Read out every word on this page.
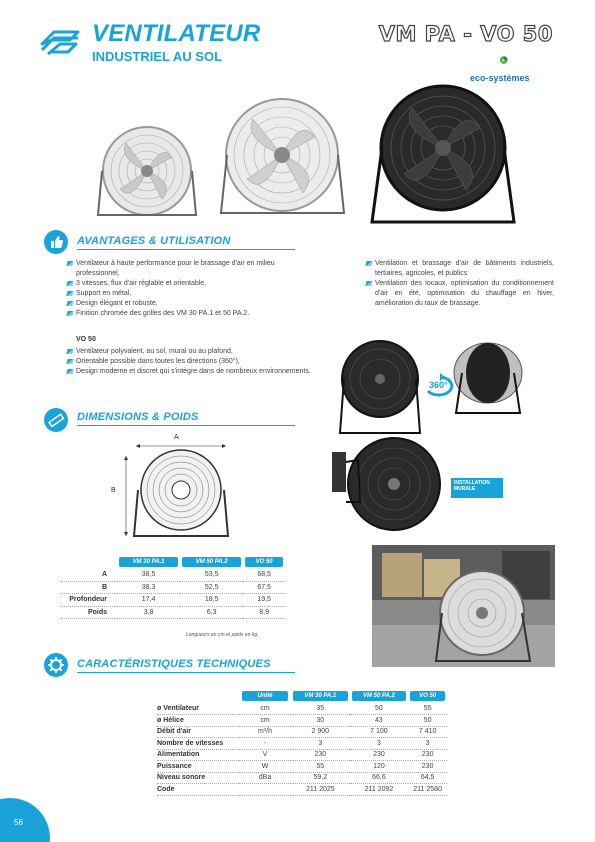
VENTILATEUR
INDUSTRIEL AU SOL
VM PA - VO 50
e
eco-systèmes
AVANTAGES & UTILISATION
Ventilateur à haute performance pour le brassage d'air en milieu professionnel,
3 vitesses, flux d'air réglable et orientable,
Support en métal,
Design élégant et robuste,
Finition chromée des grilles des VM 30 PA.1 et 50 PA.2.
VO 50
Ventilateur polyvalent, au sol, mural ou au plafond,
Orientable possible dans toutes les directions (360°),
Design moderne et discret qui s'intègre dans de nombreux environnements.
Ventilation et brassage d'air de bâtiments industriels, tertiaires, agricoles, et publics
Ventilation des locaux, optimisation du conditionnement d'air en été, optimisation du chauffage en hiver, amélioration du taux de brassage.
360°
INSTALLATION
MURALE
DIMENSIONS & POIDS
A
B
	VM 30 PA.1	VM 50 PA.2	VO 50
A	38,5	53,5	68,5
B	38,3	52,5	67,5
Profondeur	17,4	18,5	19,5
Poids	3,8	6,3	8,9
Longueurs en cm et poids en kg.
CARACTÉRISTIQUES TECHNIQUES
	Unité	VM 30 PA.1	VM 50 PA.2	VO 50
ø Ventilateur	cm	35	50	55
ø Hélice	cm	30	43	50
Débit d'air	m³/h	2 900	7 100	7 410
Nombre de vitesses	-	3	3	3
Alimentation	V	230	230	230
Puissance	W	55	120	230
Niveau sonore	dBa	59,2	66,6	64,5
Code		211 2025	211 2092	211 2580
56
